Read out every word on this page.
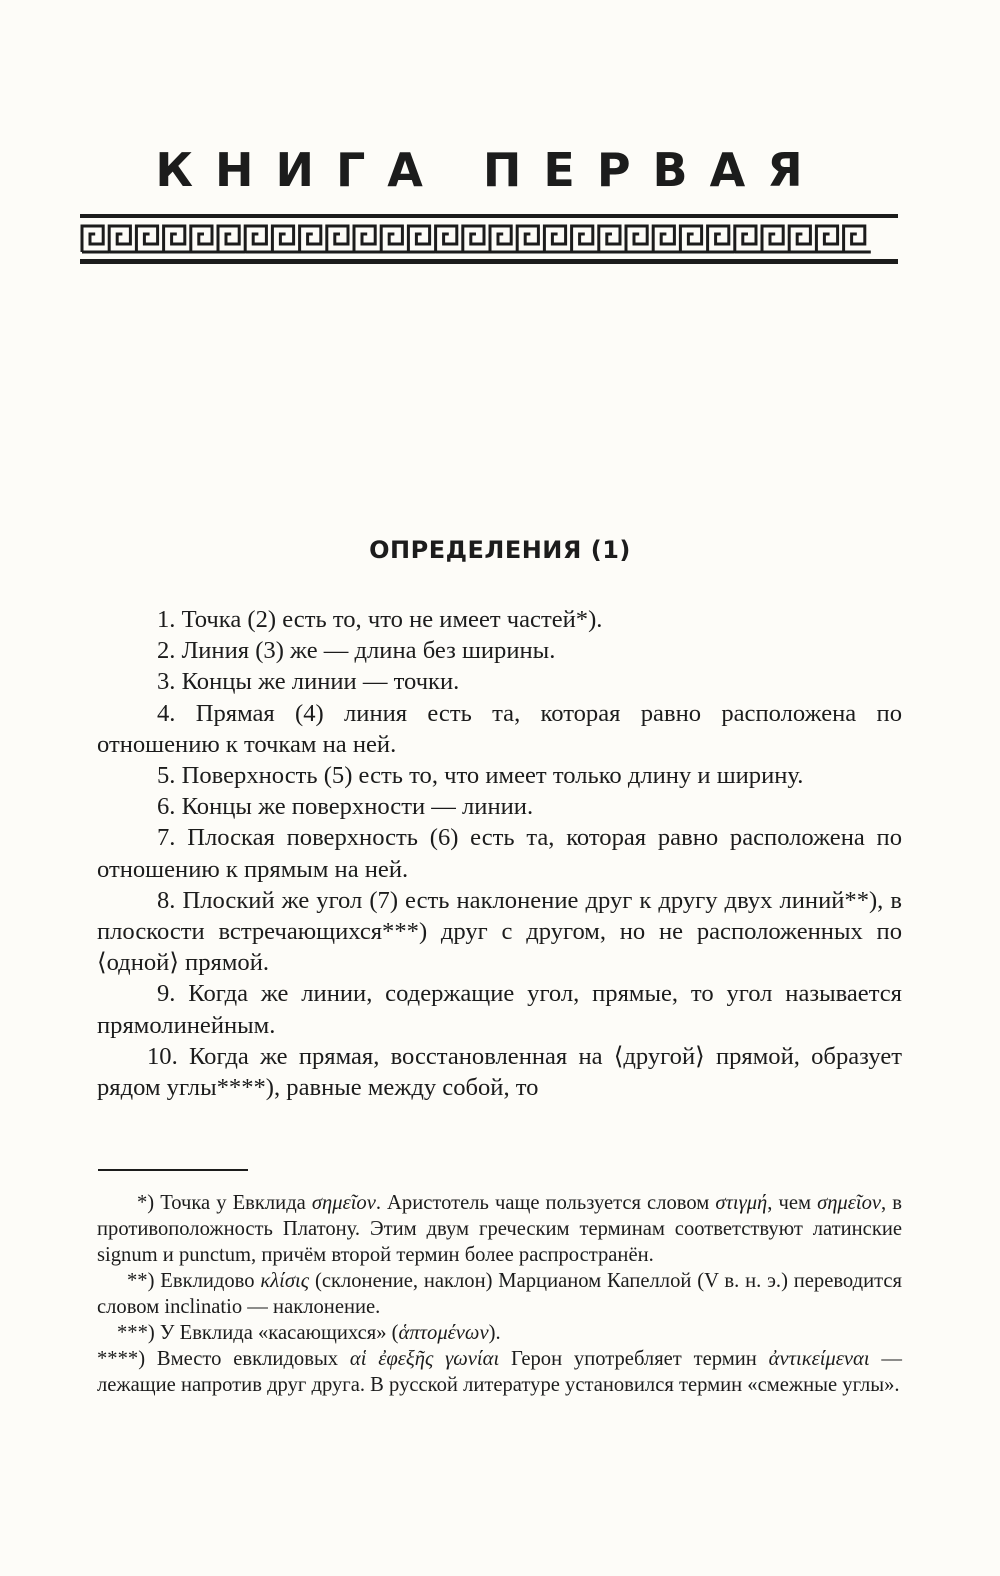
КНИГА ПЕРВАЯ
ОПРЕДЕЛЕНИЯ (1)
1. Точка (2) есть то, что не имеет частей*).
2. Линия (3) же — длина без ширины.
3. Концы же линии — точки.
4. Прямая (4) линия есть та, которая равно расположена по отношению к точкам на ней.
5. Поверхность (5) есть то, что имеет только длину и ширину.
6. Концы же поверхности — линии.
7. Плоская поверхность (6) есть та, которая равно расположена по отношению к прямым на ней.
8. Плоский же угол (7) есть наклонение друг к другу двух линий**), в плоскости встречающихся***) друг с другом, но не расположенных по ⟨одной⟩ прямой.
9. Когда же линии, содержащие угол, прямые, то угол называется прямолинейным.
10. Когда же прямая, восстановленная на ⟨другой⟩ прямой, образует рядом углы****), равные между собой, то
*) Точка у Евклида σημεῖον. Аристотель чаще пользуется словом στιγμή, чем σημεῖον, в противоположность Платону. Этим двум греческим терминам соответствуют латинские signum и punctum, причём второй термин более распространён.
**) Евклидово κλίσις (склонение, наклон) Марцианом Капеллой (V в. н. э.) переводится словом inclinatio — наклонение.
***) У Евклида «касающихся» (ἁπτομένων).
****) Вместо евклидовых αἱ ἐφεξῆς γωνίαι Герон употребляет термин ἀντικείμεναι — лежащие напротив друг друга. В русской литературе установился термин «смежные углы».
